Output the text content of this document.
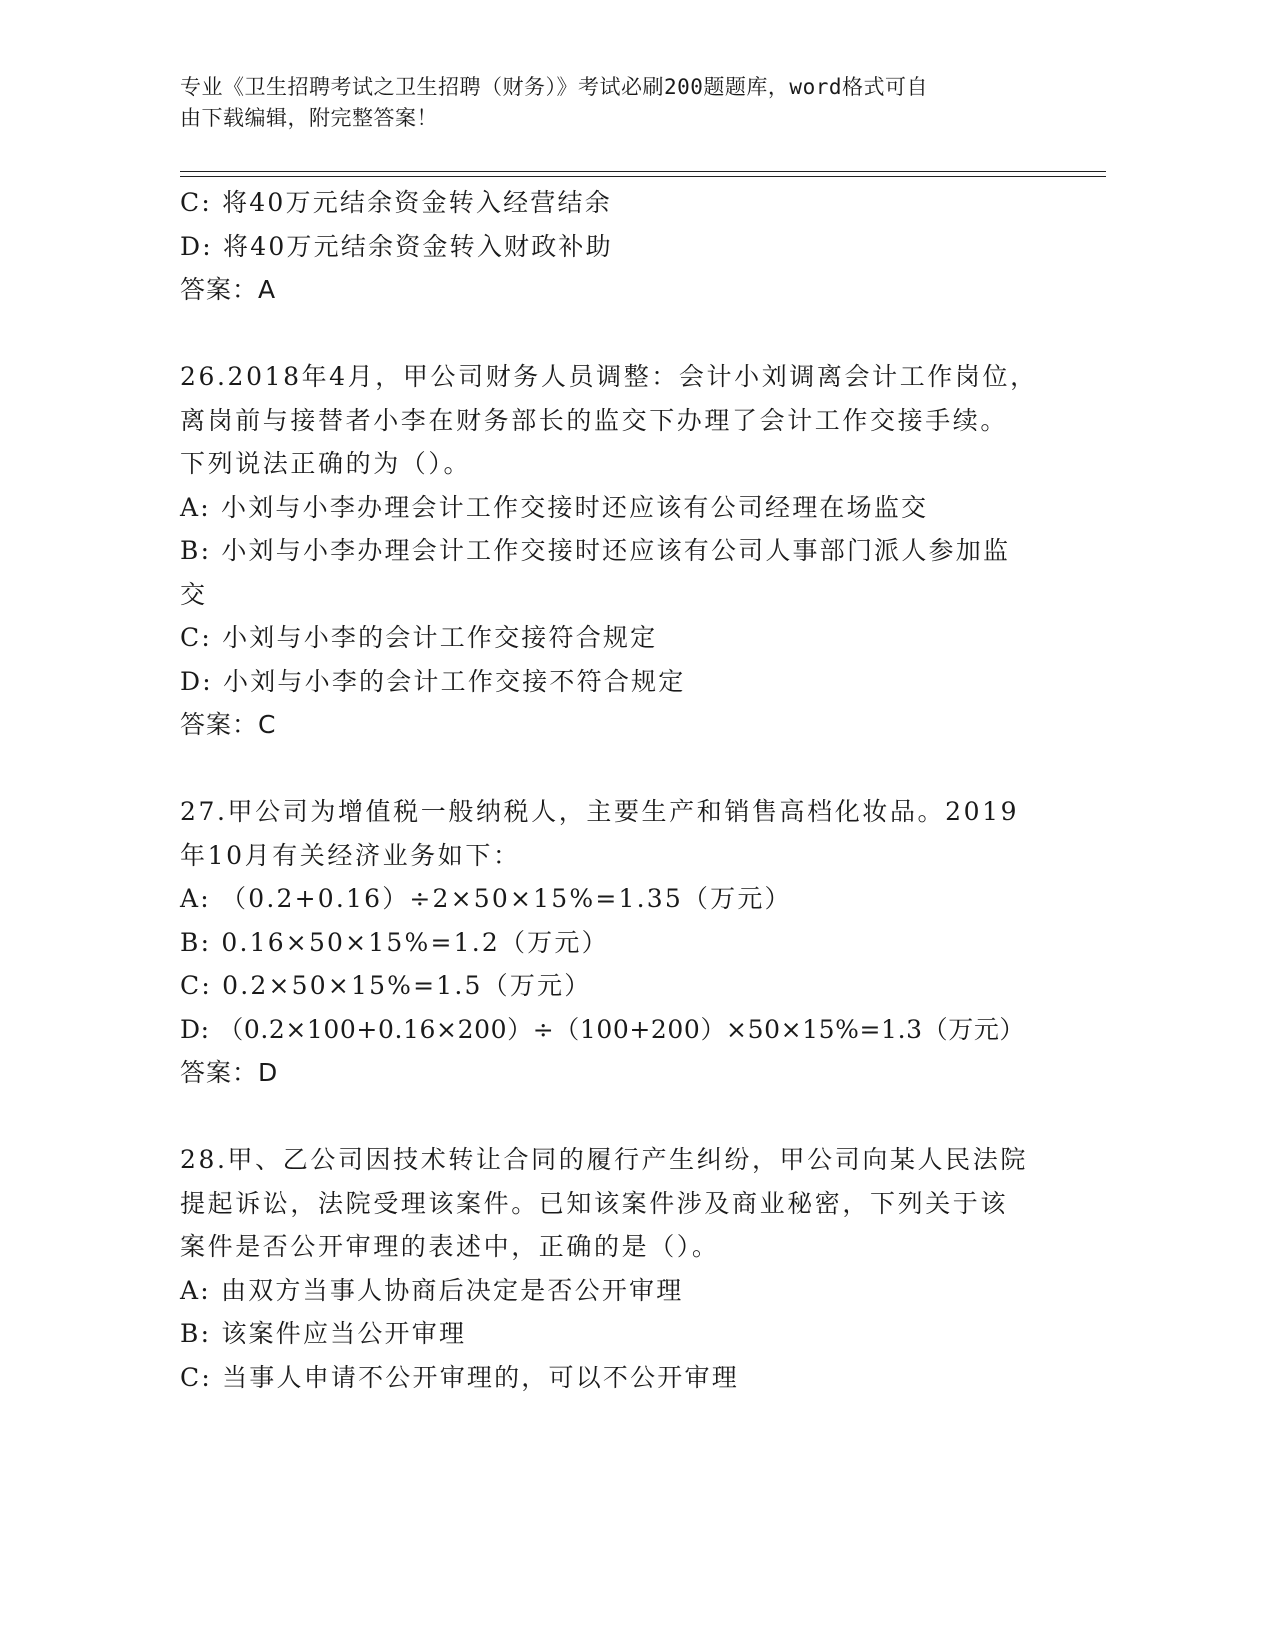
专业《卫生招聘考试之卫生招聘（财务）》考试必刷200题题库，word格式可自
由下载编辑，附完整答案！
C: 将40万元结余资金转入经营结余
D: 将40万元结余资金转入财政补助
答案：A
26.2018年4月，甲公司财务人员调整：会计小刘调离会计工作岗位，
离岗前与接替者小李在财务部长的监交下办理了会计工作交接手续。
下列说法正确的为（）。
A: 小刘与小李办理会计工作交接时还应该有公司经理在场监交
B: 小刘与小李办理会计工作交接时还应该有公司人事部门派人参加监
交
C: 小刘与小李的会计工作交接符合规定
D: 小刘与小李的会计工作交接不符合规定
答案：C
27.甲公司为增值税一般纳税人，主要生产和销售高档化妆品。2019
年10月有关经济业务如下：
A: （0.2+0.16）÷2×50×15%=1.35（万元）
B: 0.16×50×15%=1.2（万元）
C: 0.2×50×15%=1.5（万元）
D: （0.2×100+0.16×200）÷（100+200）×50×15%=1.3（万元）
答案：D
28.甲、乙公司因技术转让合同的履行产生纠纷，甲公司向某人民法院
提起诉讼，法院受理该案件。已知该案件涉及商业秘密，下列关于该
案件是否公开审理的表述中，正确的是（）。
A: 由双方当事人协商后决定是否公开审理
B: 该案件应当公开审理
C: 当事人申请不公开审理的，可以不公开审理
